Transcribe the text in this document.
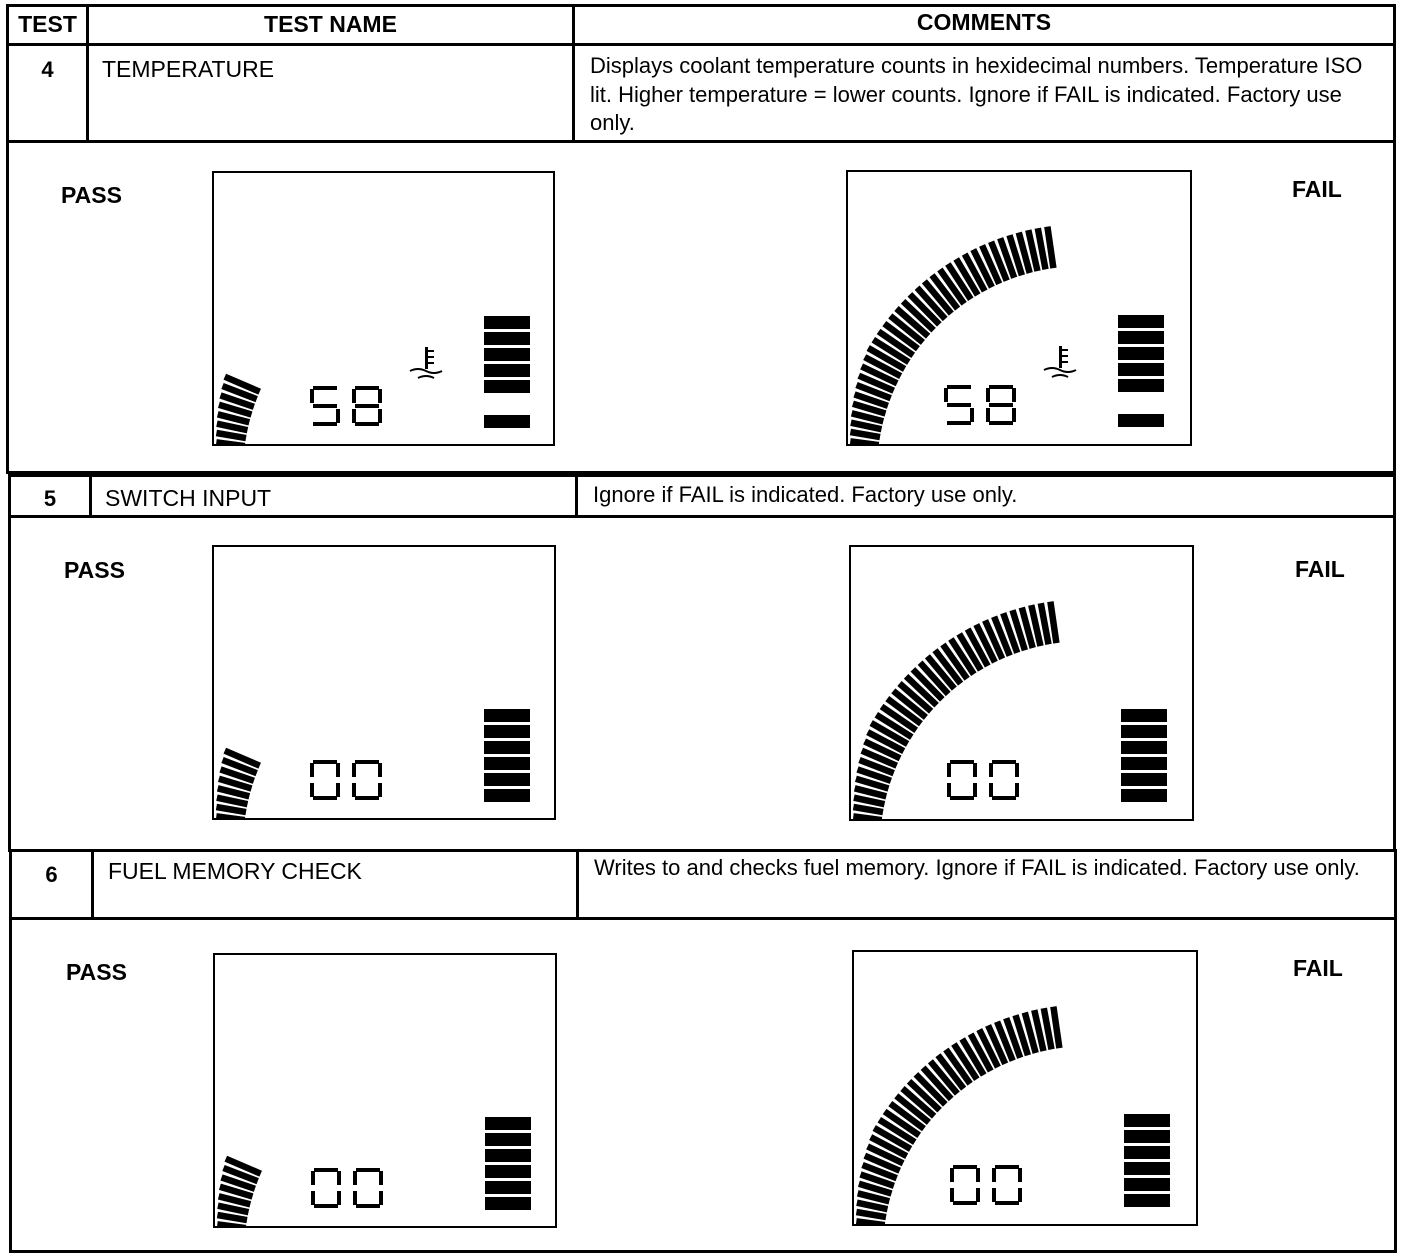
TEST	TEST NAME	COMMENTS
4	TEMPERATURE	Displays coolant temperature counts in hexidecimal numbers. Temperature ISO lit. Higher temperature = lower counts. Ignore if FAIL is indicated. Factory use only.
PASS	FAIL
5	SWITCH INPUT	Ignore if FAIL is indicated. Factory use only.
PASS	FAIL
6	FUEL MEMORY CHECK	Writes to and checks fuel memory. Ignore if FAIL is indicated. Factory use only.
PASS	FAIL
